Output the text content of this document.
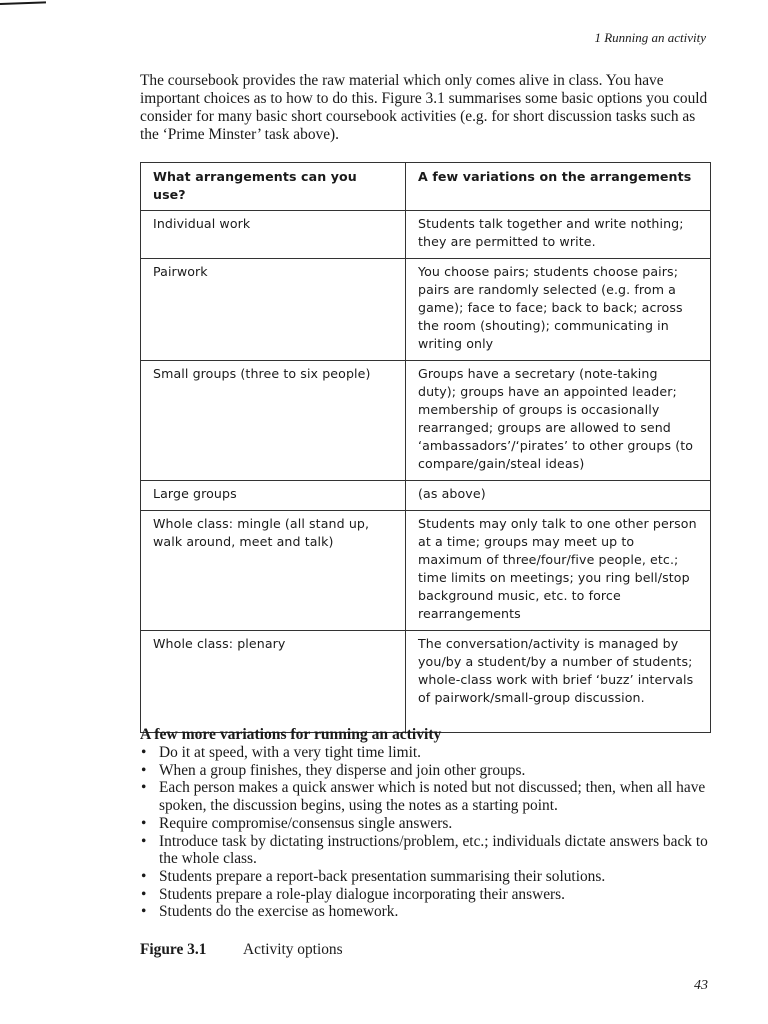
1 Running an activity

The coursebook provides the raw material which only comes alive in class. You have important choices as to how to do this. Figure 3.1 summarises some basic options you could consider for many basic short coursebook activities (e.g. for short discussion tasks such as the ‘Prime Minster’ task above).

What arrangements can you use?	A few variations on the arrangements
Individual work	Students talk together and write nothing; they are permitted to write.
Pairwork	You choose pairs; students choose pairs; pairs are randomly selected (e.g. from a game); face to face; back to back; across the room (shouting); communicating in writing only
Small groups (three to six people)	Groups have a secretary (note-taking duty); groups have an appointed leader; membership of groups is occasionally rearranged; groups are allowed to send ‘ambassadors’/‘pirates’ to other groups (to compare/gain/steal ideas)
Large groups	(as above)
Whole class: mingle (all stand up, walk around, meet and talk)	Students may only talk to one other person at a time; groups may meet up to maximum of three/four/five people, etc.; time limits on meetings; you ring bell/stop background music, etc. to force rearrangements
Whole class: plenary	The conversation/activity is managed by you/by a student/by a number of students; whole-class work with brief ‘buzz’ intervals of pairwork/small-group discussion.
A few more variations for running an activity
• Do it at speed, with a very tight time limit.
• When a group finishes, they disperse and join other groups.
• Each person makes a quick answer which is noted but not discussed; then, when all have spoken, the discussion begins, using the notes as a starting point.
• Require compromise/consensus single answers.
• Introduce task by dictating instructions/problem, etc.; individuals dictate answers back to the whole class.
• Students prepare a report-back presentation summarising their solutions.
• Students prepare a role-play dialogue incorporating their answers.
• Students do the exercise as homework.
Figure 3.1 Activity options
43
